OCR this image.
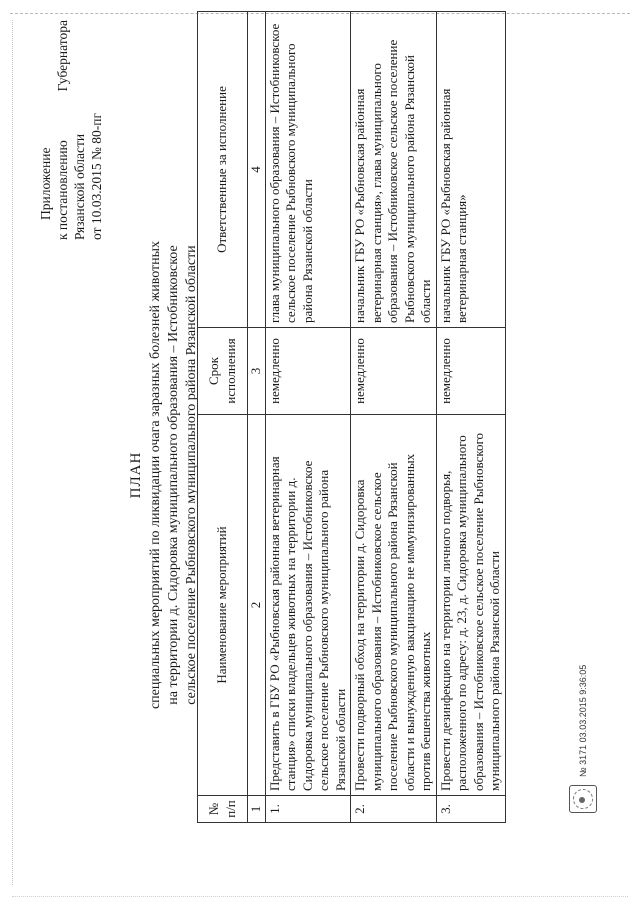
Приложение к постановлению
Губернатора
Рязанской области от 10.03.2015 № 80-пг
ПЛАН специальных мероприятий по ликвидации очага заразных болезней животных на территории д. Сидоровка муниципального образования – Истобниковское сельское поселение Рыбновского муниципального района Рязанской области
№ п/п	Наименование мероприятий	Срок исполнения	Ответственные за исполнение
1	2	3	4
1.	Представить в ГБУ РО «Рыбновская районная ветеринарная станция» списки владельцев животных на территории д. Сидоровка муниципального образования – Истобниковское сельское поселение Рыбновского муниципального района Рязанской области	немедленно	глава муниципального образования – Истобниковское сельское поселение Рыбновского муниципального района Рязанской области
2.	Провести подворный обход на территории д. Сидоровка муниципального образования – Истобниковское сельское поселение Рыбновского муниципального района Рязанской области и вынужденную вакцинацию не иммунизированных против бешенства животных	немедленно	начальник ГБУ РО «Рыбновская районная ветеринарная станция», глава муниципального образования – Истобниковское сельское поселение Рыбновского муниципального района Рязанской области
3.	Провести дезинфекцию на территории личного подворья, расположенного по адресу: д. 23, д. Сидоровка муниципального образования – Истобниковское сельское поселение Рыбновского муниципального района Рязанской области	немедленно	начальник ГБУ РО «Рыбновская районная ветеринарная станция»
№ 3171 03.03.2015 9:36:05
